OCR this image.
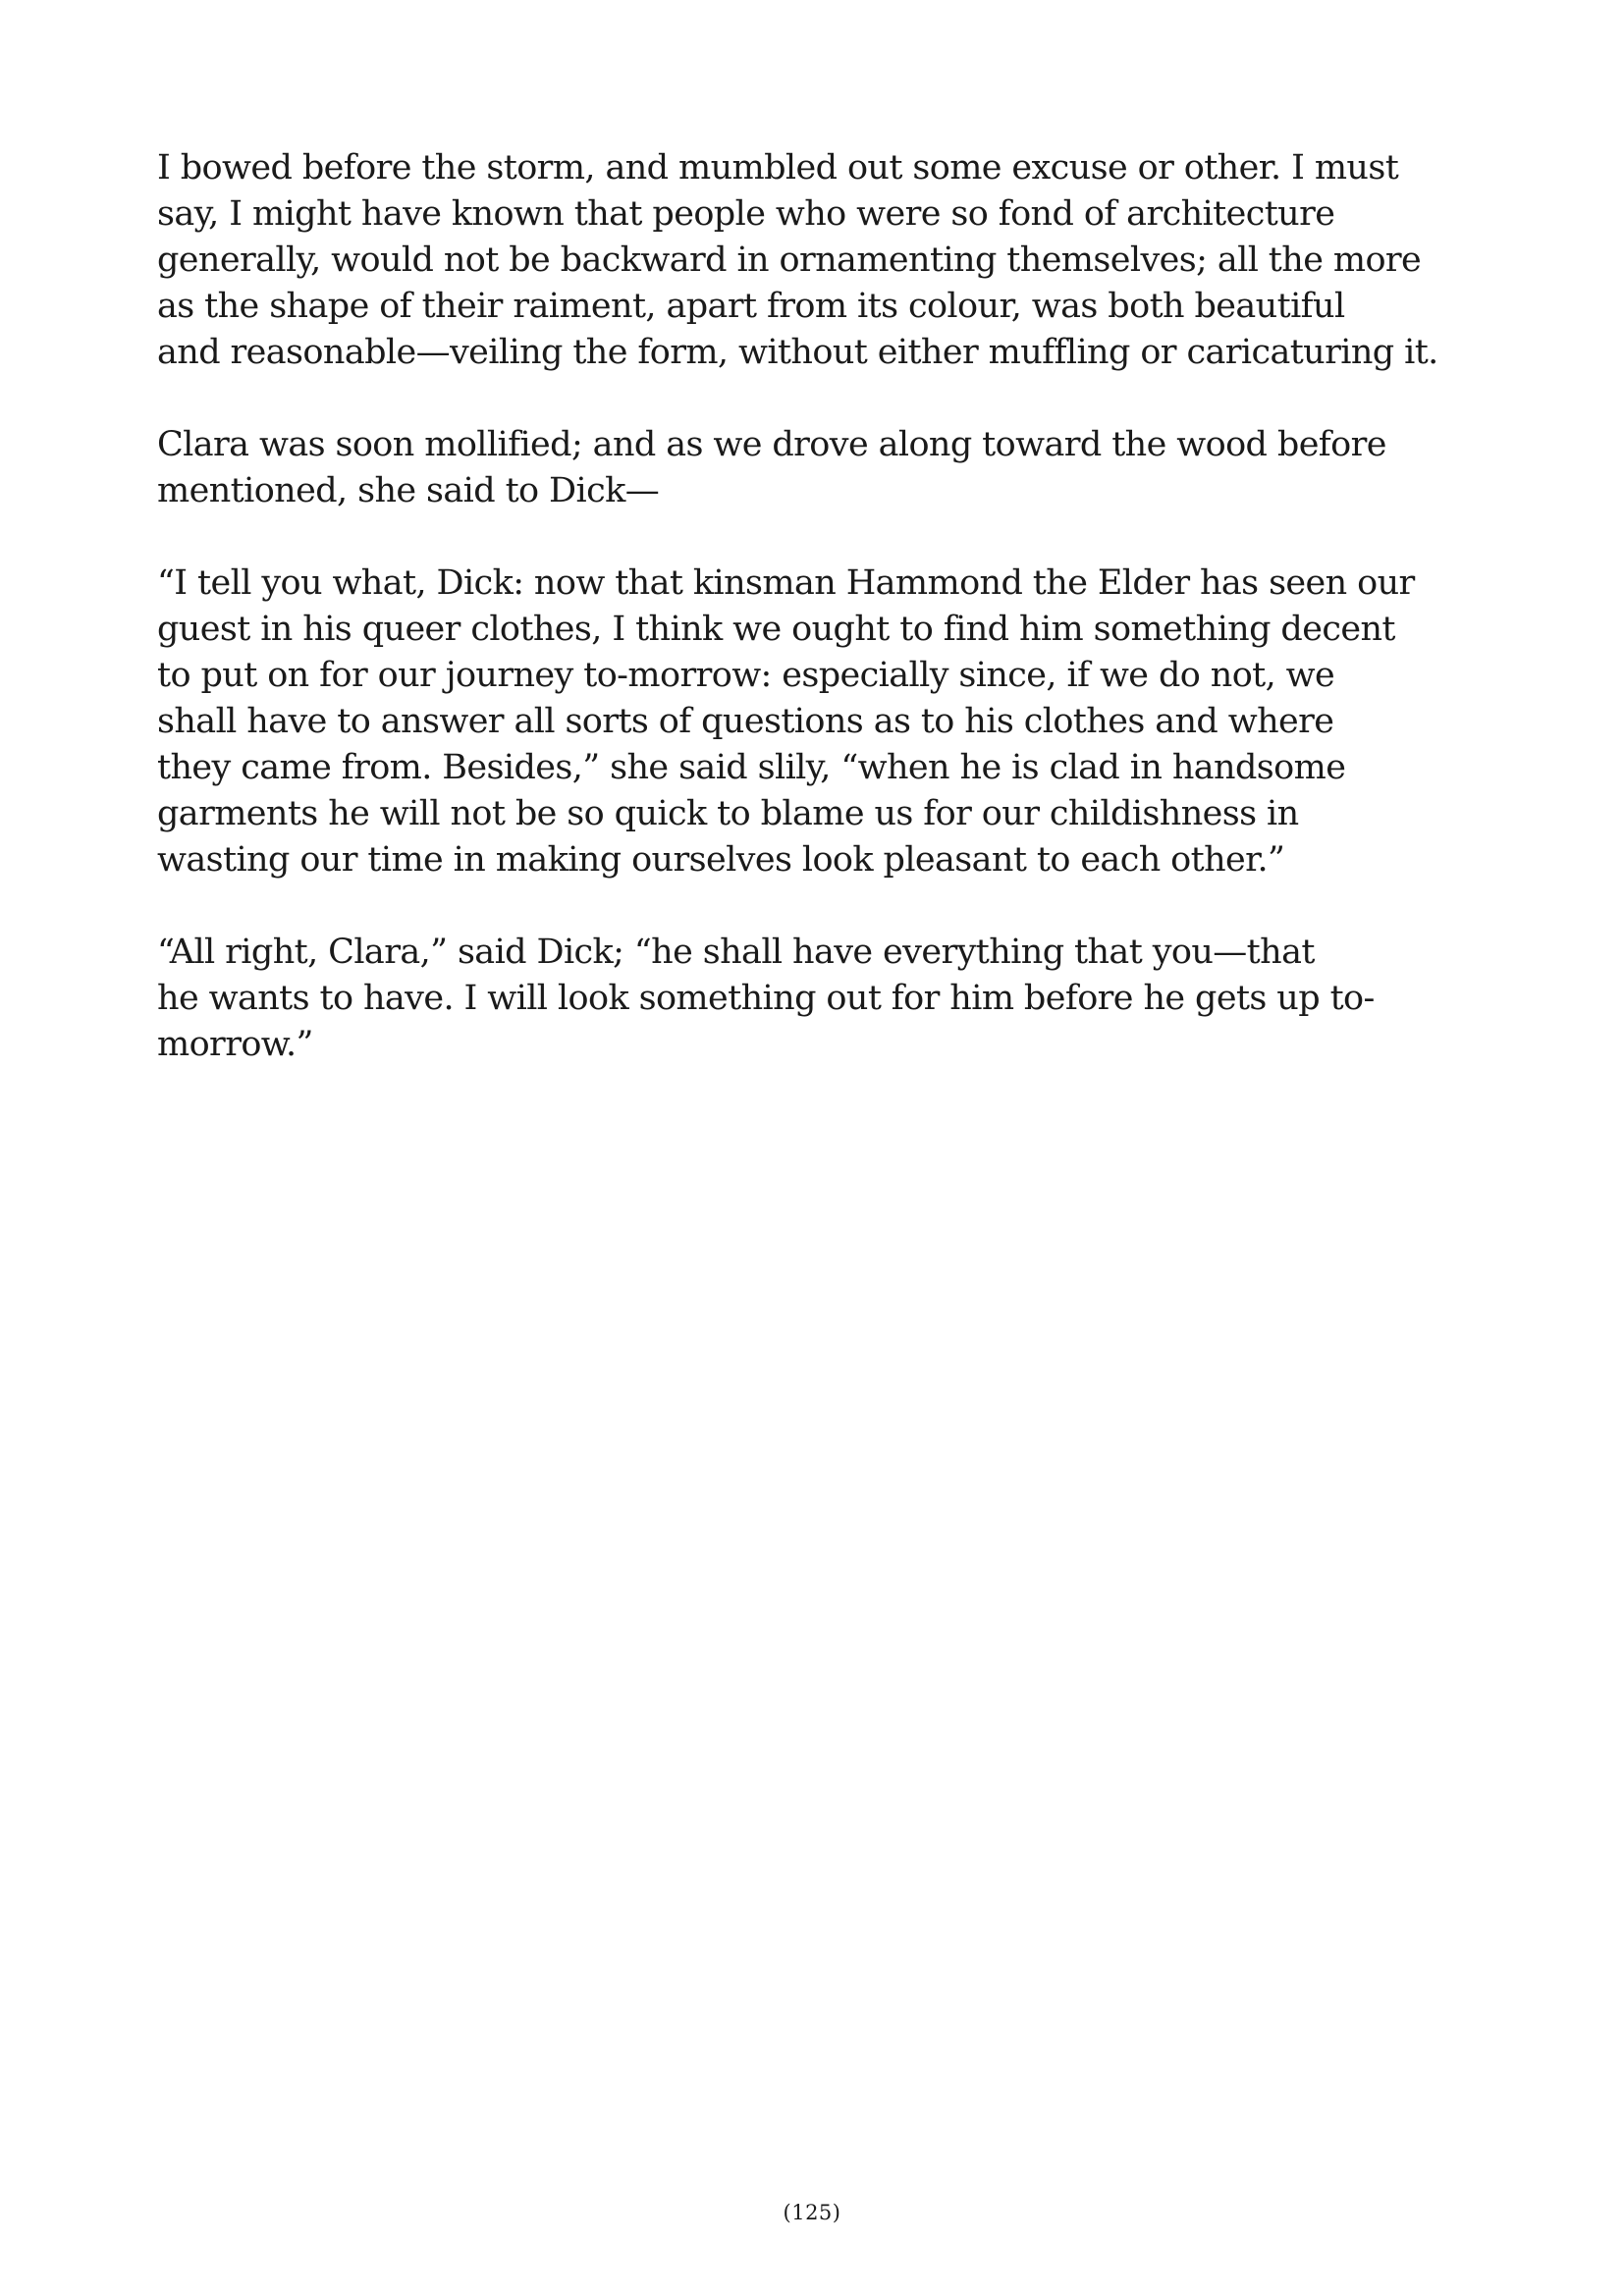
I bowed before the storm, and mumbled out some excuse or other. I must
say, I might have known that people who were so fond of architecture
generally, would not be backward in ornamenting themselves; all the more
as the shape of their raiment, apart from its colour, was both beautiful
and reasonable—veiling the form, without either muffling or caricaturing it.

Clara was soon mollified; and as we drove along toward the wood before
mentioned, she said to Dick—

“I tell you what, Dick: now that kinsman Hammond the Elder has seen our
guest in his queer clothes, I think we ought to find him something decent
to put on for our journey to-morrow: especially since, if we do not, we
shall have to answer all sorts of questions as to his clothes and where
they came from. Besides,” she said slily, “when he is clad in handsome
garments he will not be so quick to blame us for our childishness in
wasting our time in making ourselves look pleasant to each other.”

“All right, Clara,” said Dick; “he shall have everything that you—that
he wants to have. I will look something out for him before he gets up to-
morrow.”

(125)
